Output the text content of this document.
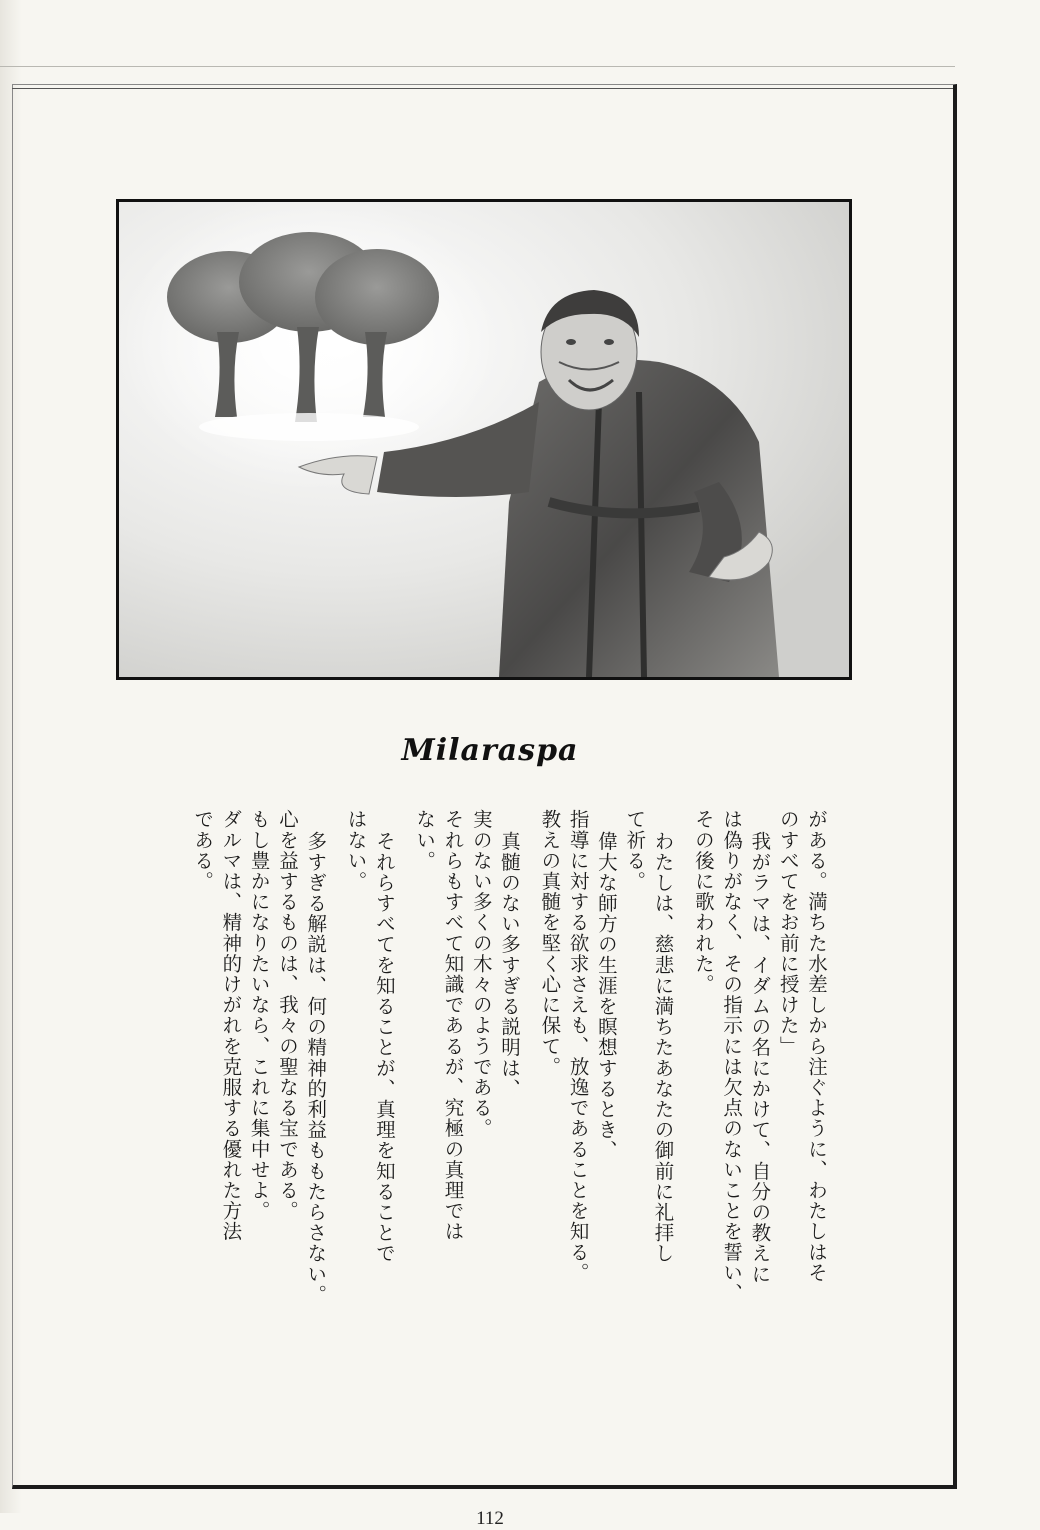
Milaraspa
がある。満ちた水差しから注ぐように、わたしはそ
のすべてをお前に授けた」
我がラマは、イダムの名にかけて、自分の教えに
は偽りがなく、その指示には欠点のないことを誓い、
その後に歌われた。
わたしは、慈悲に満ちたあなたの御前に礼拝し
て祈る。
偉大な師方の生涯を瞑想するとき、
指導に対する欲求さえも、放逸であることを知る。
教えの真髄を堅く心に保て。
真髄のない多すぎる説明は、
実のない多くの木々のようである。
それらもすべて知識であるが、究極の真理では
ない。
それらすべてを知ることが、真理を知ることで
はない。
多すぎる解説は、何の精神的利益ももたらさない。
心を益するものは、我々の聖なる宝である。
もし豊かになりたいなら、これに集中せよ。
ダルマは、精神的けがれを克服する優れた方法
である。
112
